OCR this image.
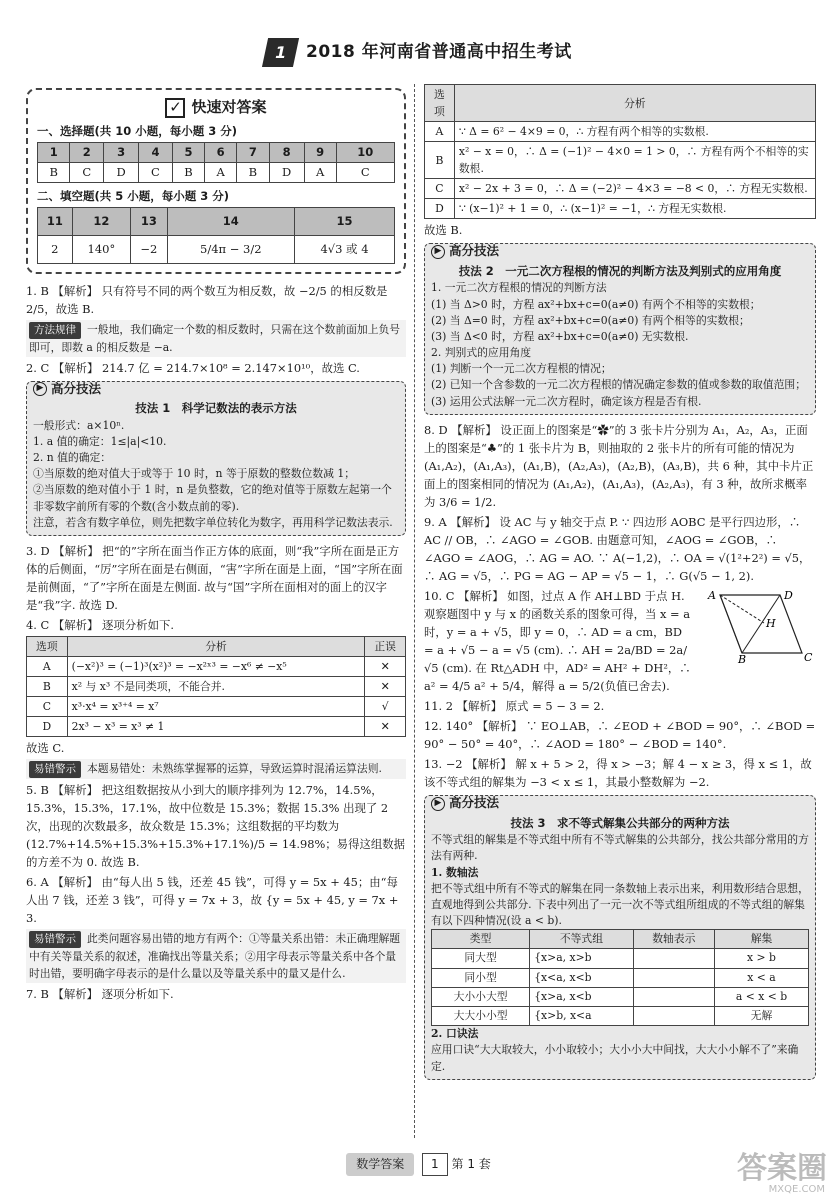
1 2018 年河南省普通高中招生考试
✓ 快速对答案
一、选择题(共 10 小题，每小题 3 分)
1	2	3	4	5	6	7	8	9	10
B	C	D	C	B	A	B	D	A	C
二、填空题(共 5 小题，每小题 3 分)
11	12	13	14	15
2	140°	−2	5/4π − 3/2	4√3 或 4
1. B 【解析】 只有符号不同的两个数互为相反数，故 −2/5 的相反数是 2/5，故选 B.
方法规律 一般地，我们确定一个数的相反数时，只需在这个数前面加上负号即可，即数 a 的相反数是 −a.
2. C 【解析】 214.7 亿 = 214.7×10⁸ = 2.147×10¹⁰，故选 C.
▶ 高分技法
技法 1　科学记数法的表示方法
一般形式：a×10ⁿ.
1. a 值的确定：1≤|a|<10.
2. n 值的确定：
①当原数的绝对值大于或等于 10 时，n 等于原数的整数位数减 1；
②当原数的绝对值小于 1 时，n 是负整数，它的绝对值等于原数左起第一个非零数字前所有零的个数(含小数点前的零).
注意，若含有数字单位，则先把数字单位转化为数字，再用科学记数法表示.
3. D 【解析】 把“的”字所在面当作正方体的底面，则“我”字所在面是正方体的后侧面，“厉”字所在面是右侧面，“害”字所在面是上面，“国”字所在面是前侧面，“了”字所在面是左侧面. 故与“国”字所在面相对的面上的汉字是“我”字. 故选 D.
4. C 【解析】 逐项分析如下.
选项	分析	正误
A	(−x²)³ = (−1)³(x²)³ = −x²ˣ³ = −x⁶ ≠ −x⁵	✕
B	x² 与 x³ 不是同类项，不能合并.	✕
C	x³·x⁴ = x³⁺⁴ = x⁷	√
D	2x³ − x³ = x³ ≠ 1	✕
故选 C.
易错警示 本题易错处：未熟练掌握幂的运算，导致运算时混淆运算法则.
5. B 【解析】 把这组数据按从小到大的顺序排列为 12.7%，14.5%，15.3%，15.3%，17.1%，故中位数是 15.3%；数据 15.3% 出现了 2 次，出现的次数最多，故众数是 15.3%；这组数据的平均数为 (12.7%+14.5%+15.3%+15.3%+17.1%)/5 = 14.98%；易得这组数据的方差不为 0. 故选 B.
6. A 【解析】 由“每人出 5 钱，还差 45 钱”，可得 y = 5x + 45；由“每人出 7 钱，还差 3 钱”，可得 y = 7x + 3，故 {y = 5x + 45, y = 7x + 3.
易错警示 此类问题容易出错的地方有两个：①等量关系出错：未正确理解题中有关等量关系的叙述，准确找出等量关系；②用字母表示等量关系中各个量时出错，要明确字母表示的是什么量以及等量关系中的量又是什么.
7. B 【解析】 逐项分析如下.
选项	分析
A	∵ Δ = 6² − 4×9 = 0，∴ 方程有两个相等的实数根.
B	x² − x = 0，∴ Δ = (−1)² − 4×0 = 1 > 0，∴ 方程有两个不相等的实数根.
C	x² − 2x + 3 = 0，∴ Δ = (−2)² − 4×3 = −8 < 0，∴ 方程无实数根.
D	∵ (x−1)² + 1 = 0，∴ (x−1)² = −1，∴ 方程无实数根.
故选 B.
▶ 高分技法
技法 2　一元二次方程根的情况的判断方法及判别式的应用角度
1. 一元二次方程根的情况的判断方法
(1) 当 Δ>0 时，方程 ax²+bx+c=0(a≠0) 有两个不相等的实数根；
(2) 当 Δ=0 时，方程 ax²+bx+c=0(a≠0) 有两个相等的实数根；
(3) 当 Δ<0 时，方程 ax²+bx+c=0(a≠0) 无实数根.
2. 判别式的应用角度
(1) 判断一个一元二次方程根的情况；
(2) 已知一个含参数的一元二次方程根的情况确定参数的值或参数的取值范围；
(3) 运用公式法解一元二次方程时，确定该方程是否有根.
8. D 【解析】 设正面上的图案是“✿”的 3 张卡片分别为 A₁，A₂，A₃，正面上的图案是“♣”的 1 张卡片为 B，则抽取的 2 张卡片的所有可能的情况为 (A₁,A₂)，(A₁,A₃)，(A₁,B)，(A₂,A₃)，(A₂,B)，(A₃,B)，共 6 种，其中卡片正面上的图案相同的情况为 (A₁,A₂)，(A₁,A₃)，(A₂,A₃)，有 3 种，故所求概率为 3/6 = 1/2.
9. A 【解析】 设 AC 与 y 轴交于点 P. ∵ 四边形 AOBC 是平行四边形，∴ AC // OB，∴ ∠AGO = ∠GOB. 由题意可知，∠AOG = ∠GOB，∴ ∠AGO = ∠AOG，∴ AG = AO. ∵ A(−1,2)，∴ OA = √(1²+2²) = √5，∴ AG = √5，∴ PG = AG − AP = √5 − 1，∴ G(√5 − 1, 2).
A	D
H
B	C
10. C 【解析】 如图，过点 A 作 AH⊥BD 于点 H. 观察题图中 y 与 x 的函数关系的图象可得，当 x = a 时，y = a + √5，即 y = 0，∴ AD = a cm，BD = a + √5 − a = √5 (cm). ∴ AH = 2a/BD = 2a/√5 (cm). 在 Rt△ADH 中，AD² = AH² + DH²，∴ a² = 4/5 a² + 5/4，解得 a = 5/2(负值已舍去).
11. 2 【解析】 原式 = 5 − 3 = 2.
12. 140° 【解析】 ∵ EO⊥AB，∴ ∠EOD + ∠BOD = 90°，∴ ∠BOD = 90° − 50° = 40°，∴ ∠AOD = 180° − ∠BOD = 140°.
13. −2 【解析】 解 x + 5 > 2，得 x > −3；解 4 − x ≥ 3，得 x ≤ 1，故该不等式组的解集为 −3 < x ≤ 1，其最小整数解为 −2.
▶ 高分技法
技法 3　求不等式解集公共部分的两种方法
不等式组的解集是不等式组中所有不等式解集的公共部分，找公共部分常用的方法有两种.
1. 数轴法
把不等式组中所有不等式的解集在同一条数轴上表示出来，利用数形结合思想，直观地得到公共部分. 下表中列出了一元一次不等式组所组成的不等式组的解集有以下四种情况(设 a < b).
类型	不等式组	数轴表示	解集
同大型	{x>a, x>b		x > b
同小型	{x<a, x<b		x < a
大小小大型	{x>a, x<b		a < x < b
大大小小型	{x>b, x<a		无解
2. 口诀法
应用口诀“大大取较大，小小取较小；大小小大中间找，大大小小解不了”来确定.
数学答案 1 第 1 套	答案圈
MXQE.COM
